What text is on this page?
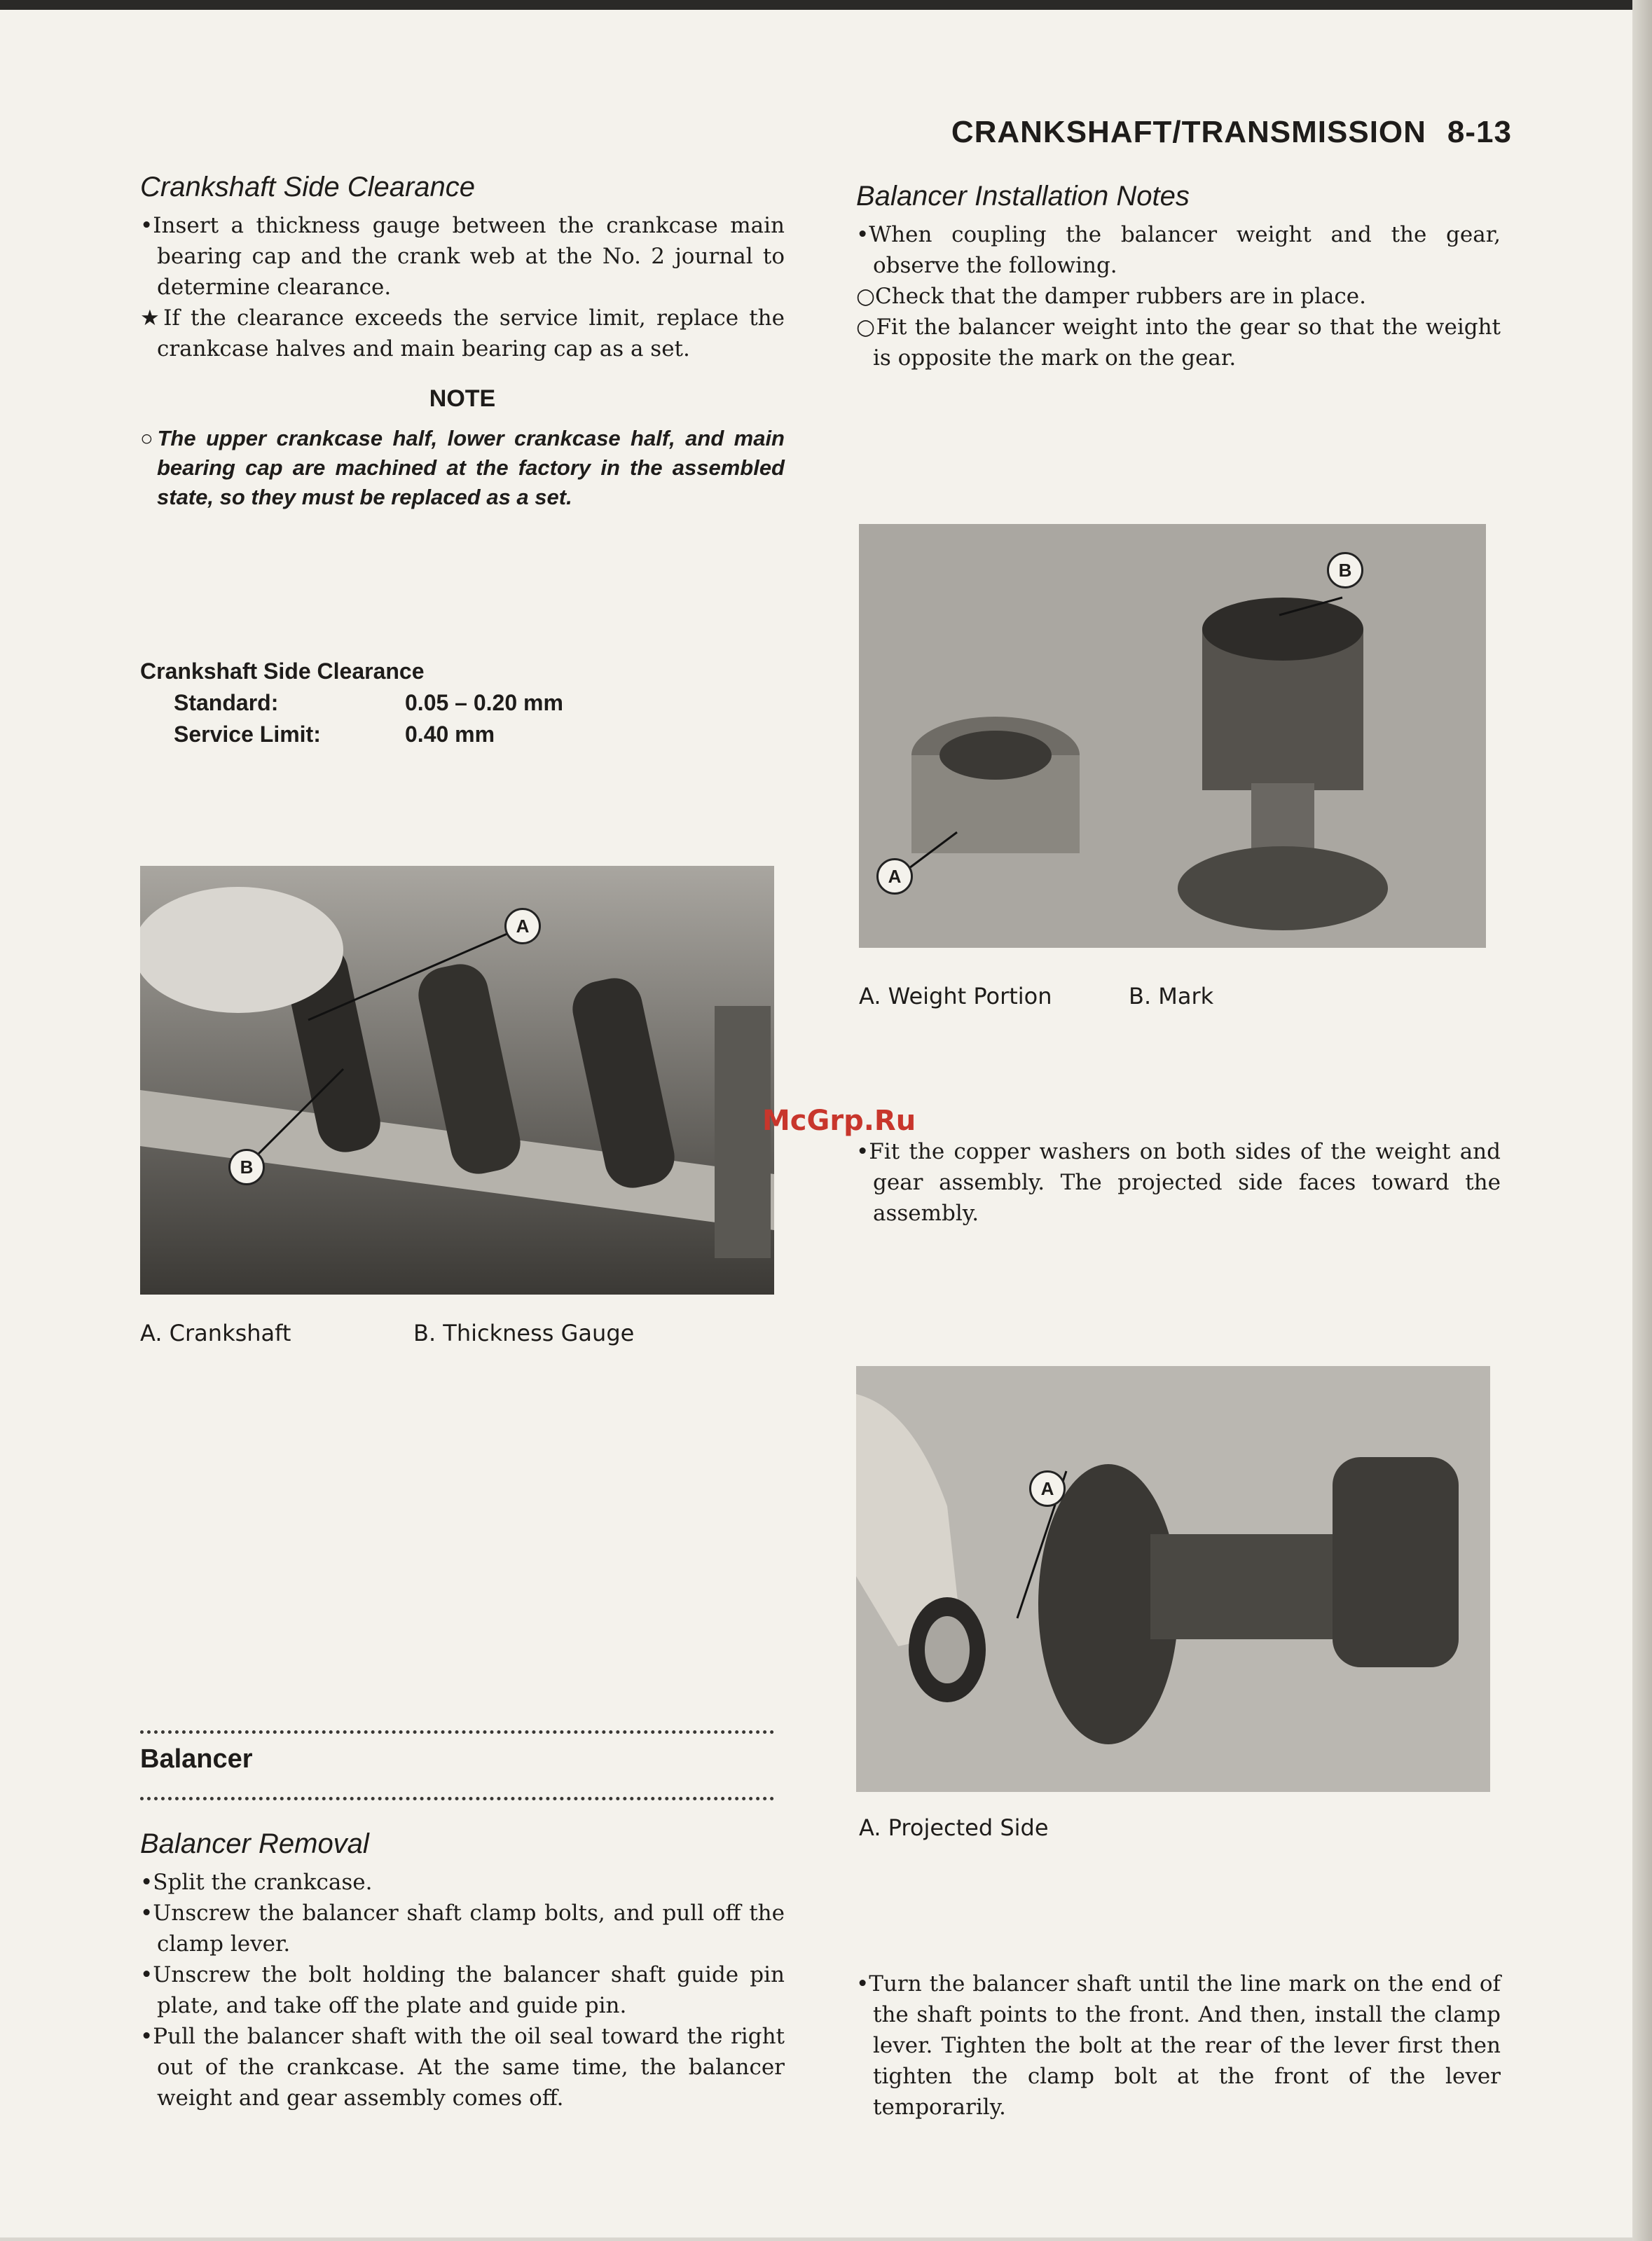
CRANKSHAFT/TRANSMISSION 8-13
Crankshaft Side Clearance

•Insert a thickness gauge between the crankcase main bearing cap and the crank web at the No. 2 journal to determine clearance.

★If the clearance exceeds the service limit, replace the crankcase halves and main bearing cap as a set.

NOTE
○The upper crankcase half, lower crankcase half, and main bearing cap are machined at the factory in the assembled state, so they must be replaced as a set.
Crankshaft Side Clearance
Standard:	0.05 – 0.20 mm
Service Limit:	0.40 mm
A
B
A. Crankshaft	B. Thickness Gauge
Balancer
Balancer Removal

•Split the crankcase.

•Unscrew the balancer shaft clamp bolts, and pull off the clamp lever.

•Unscrew the bolt holding the balancer shaft guide pin plate, and take off the plate and guide pin.

•Pull the balancer shaft with the oil seal toward the right out of the crankcase. At the same time, the balancer weight and gear assembly comes off.

Balancer Installation Notes

•When coupling the balancer weight and the gear, observe the following.

○Check that the damper rubbers are in place.

○Fit the balancer weight into the gear so that the weight is opposite the mark on the gear.

A
B
A. Weight Portion	B. Mark

•Fit the copper washers on both sides of the weight and gear assembly. The projected side faces toward the assembly.

A
A. Projected Side

•Turn the balancer shaft until the line mark on the end of the shaft points to the front. And then, install the clamp lever. Tighten the bolt at the rear of the lever first then tighten the clamp bolt at the front of the lever temporarily.

McGrp.Ru
